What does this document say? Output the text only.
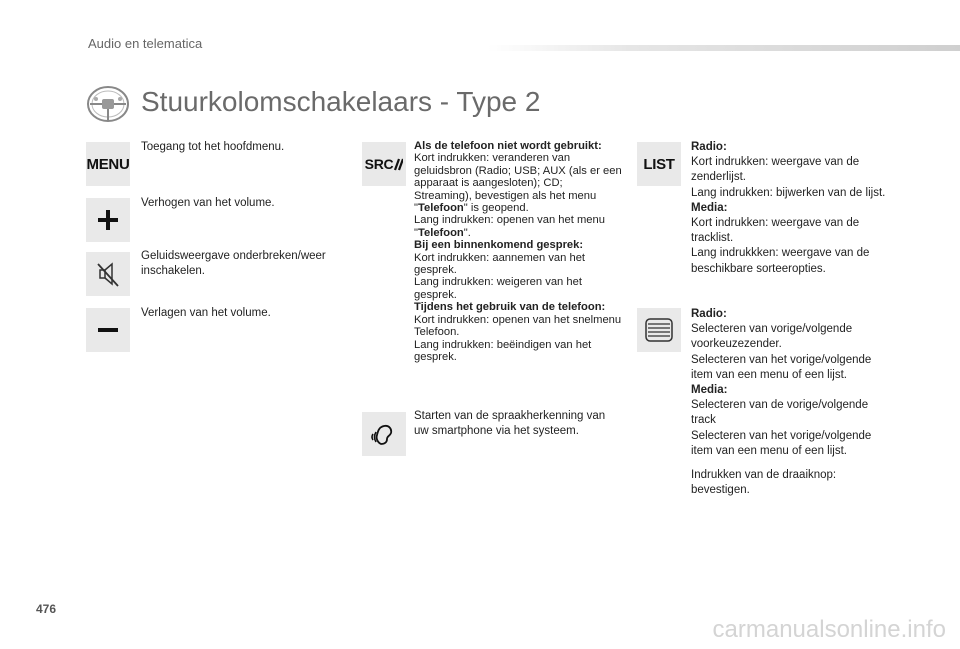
Audio en telematica
Stuurkolomschakelaars - Type 2
MENU
Toegang tot het hoofdmenu.
Verhogen van het volume.
Geluidsweergave onderbreken/weer inschakelen.
Verlagen van het volume.
SRC
Als de telefoon niet wordt gebruikt:
Kort indrukken: veranderen van geluidsbron (Radio; USB; AUX (als er een apparaat is aangesloten); CD; Streaming), bevestigen als het menu "Telefoon" is geopend.
Lang indrukken: openen van het menu "Telefoon".
Bij een binnenkomend gesprek:
Kort indrukken: aannemen van het gesprek.
Lang indrukken: weigeren van het gesprek.
Tijdens het gebruik van de telefoon:
Kort indrukken: openen van het snelmenu Telefoon.
Lang indrukken: beëindigen van het gesprek.
Starten van de spraakherkenning van uw smartphone via het systeem.
LIST
Radio:
Kort indrukken: weergave van de zenderlijst.
Lang indrukken: bijwerken van de lijst.
Media:
Kort indrukken: weergave van de tracklist.
Lang indrukkken: weergave van de beschikbare sorteeropties.
Radio:
Selecteren van vorige/volgende voorkeuzezender.
Selecteren van het vorige/volgende item van een menu of een lijst.
Media:
Selecteren van de vorige/volgende track
Selecteren van het vorige/volgende item van een menu of een lijst.
Indrukken van de draaiknop: bevestigen.
476
carmanualsonline.info
